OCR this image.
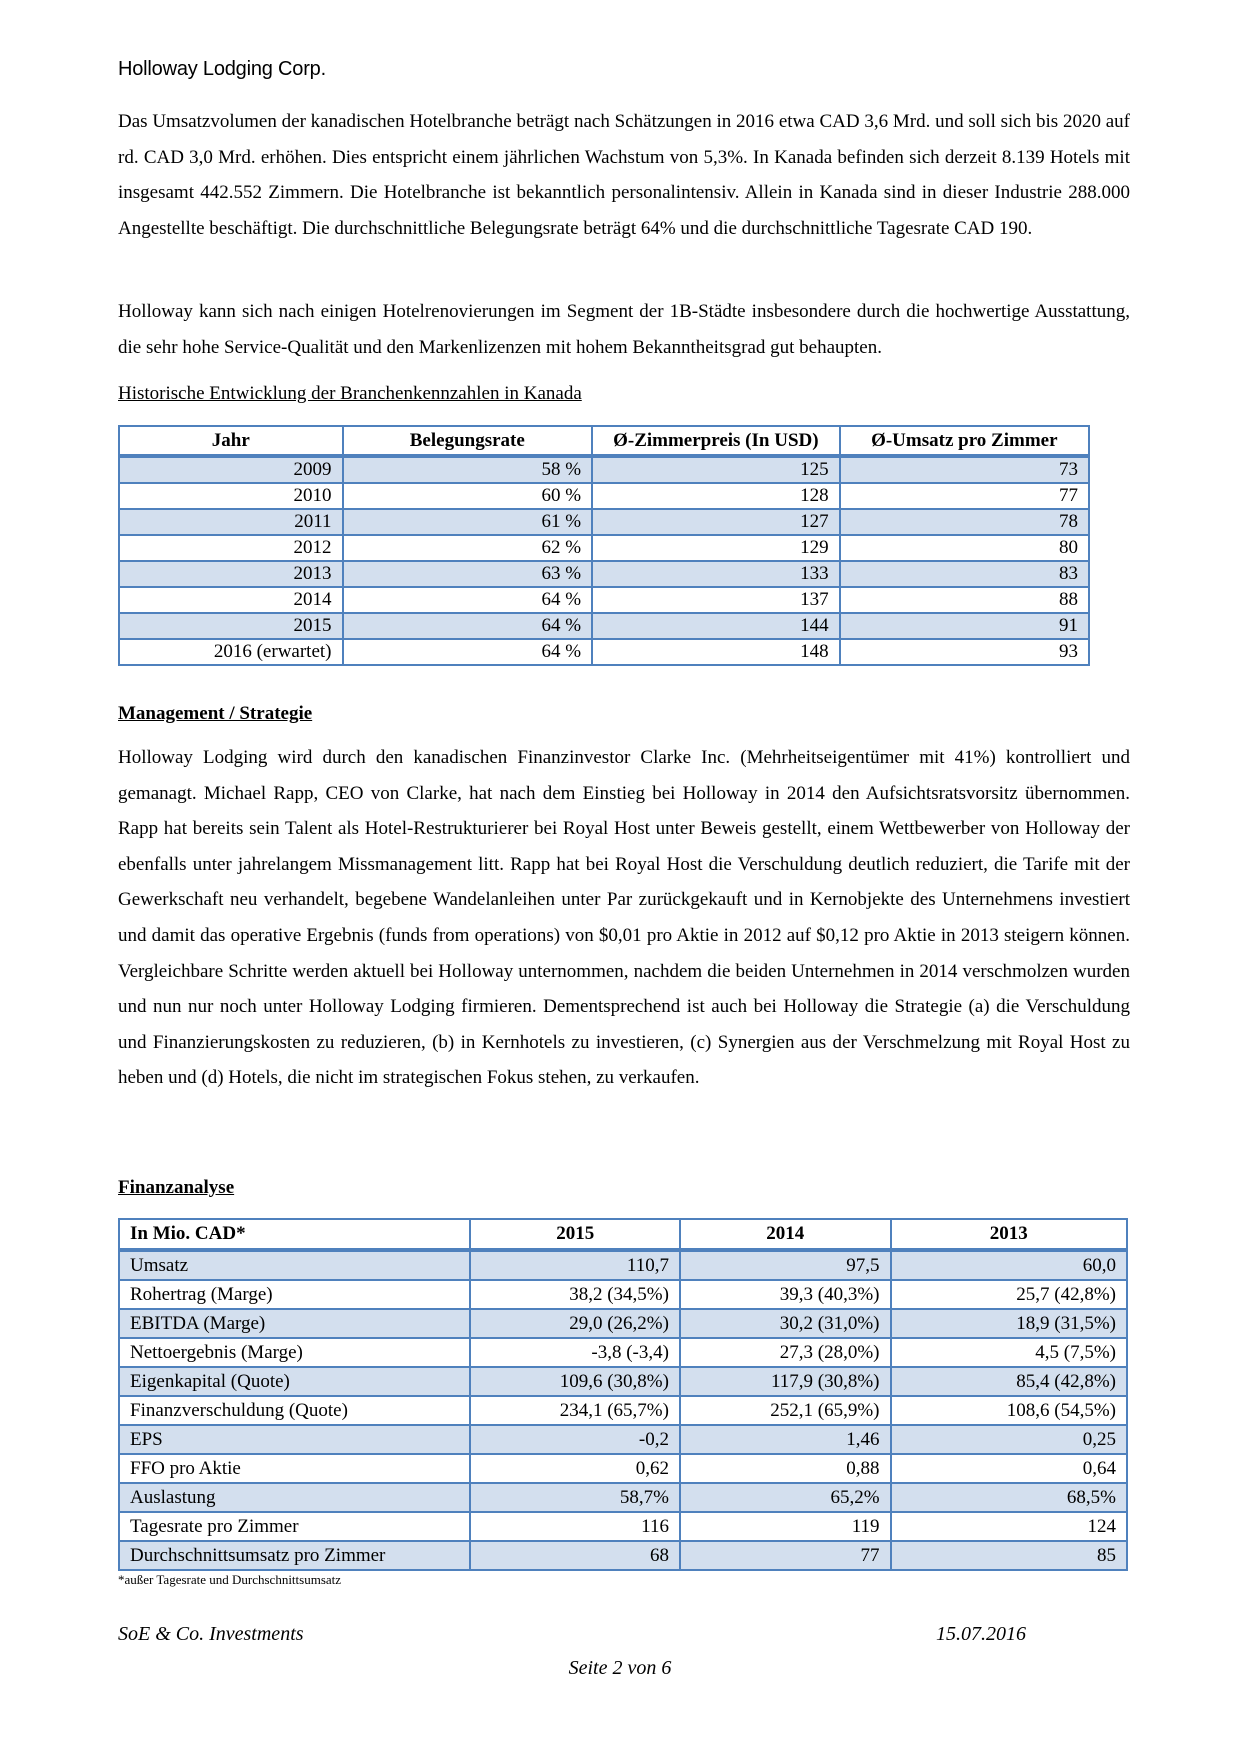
Holloway Lodging Corp.

Das Umsatzvolumen der kanadischen Hotelbranche beträgt nach Schätzungen in 2016 etwa CAD 3,6 Mrd. und soll sich bis 2020 auf rd. CAD 3,0 Mrd. erhöhen. Dies entspricht einem jährlichen Wachstum von 5,3%. In Kanada befinden sich derzeit 8.139 Hotels mit insgesamt 442.552 Zimmern. Die Hotelbranche ist bekanntlich personalintensiv. Allein in Kanada sind in dieser Industrie 288.000 Angestellte beschäftigt. Die durchschnittliche Belegungsrate beträgt 64% und die durchschnittliche Tagesrate CAD 190.

Holloway kann sich nach einigen Hotelrenovierungen im Segment der 1B-Städte insbesondere durch die hochwertige Ausstattung, die sehr hohe Service-Qualität und den Markenlizenzen mit hohem Bekanntheitsgrad gut behaupten.

Historische Entwicklung der Branchenkennzahlen in Kanada

Jahr	Belegungsrate	Ø-Zimmerpreis (In USD)	Ø-Umsatz pro Zimmer
2009	58 %	125	73
2010	60 %	128	77
2011	61 %	127	78
2012	62 %	129	80
2013	63 %	133	83
2014	64 %	137	88
2015	64 %	144	91
2016 (erwartet)	64 %	148	93

Management / Strategie

Holloway Lodging wird durch den kanadischen Finanzinvestor Clarke Inc. (Mehrheitseigentümer mit 41%) kontrolliert und gemanagt. Michael Rapp, CEO von Clarke, hat nach dem Einstieg bei Holloway in 2014 den Aufsichtsratsvorsitz übernommen. Rapp hat bereits sein Talent als Hotel-Restrukturierer bei Royal Host unter Beweis gestellt, einem Wettbewerber von Holloway der ebenfalls unter jahrelangem Missmanagement litt. Rapp hat bei Royal Host die Verschuldung deutlich reduziert, die Tarife mit der Gewerkschaft neu verhandelt, begebene Wandelanleihen unter Par zurückgekauft und in Kernobjekte des Unternehmens investiert und damit das operative Ergebnis (funds from operations) von $0,01 pro Aktie in 2012 auf $0,12 pro Aktie in 2013 steigern können. Vergleichbare Schritte werden aktuell bei Holloway unternommen, nachdem die beiden Unternehmen in 2014 verschmolzen wurden und nun nur noch unter Holloway Lodging firmieren. Dementsprechend ist auch bei Holloway die Strategie (a) die Verschuldung und Finanzierungskosten zu reduzieren, (b) in Kernhotels zu investieren, (c) Synergien aus der Verschmelzung mit Royal Host zu heben und (d) Hotels, die nicht im strategischen Fokus stehen, zu verkaufen.

Finanzanalyse

In Mio. CAD*	2015	2014	2013
Umsatz	110,7	97,5	60,0
Rohertrag (Marge)	38,2 (34,5%)	39,3 (40,3%)	25,7 (42,8%)
EBITDA (Marge)	29,0 (26,2%)	30,2 (31,0%)	18,9 (31,5%)
Nettoergebnis (Marge)	-3,8 (-3,4)	27,3 (28,0%)	4,5 (7,5%)
Eigenkapital (Quote)	109,6 (30,8%)	117,9 (30,8%)	85,4 (42,8%)
Finanzverschuldung (Quote)	234,1 (65,7%)	252,1 (65,9%)	108,6 (54,5%)
EPS	-0,2	1,46	0,25
FFO pro Aktie	0,62	0,88	0,64
Auslastung	58,7%	65,2%	68,5%
Tagesrate pro Zimmer	116	119	124
Durchschnittsumsatz pro Zimmer	68	77	85
*außer Tagesrate und Durchschnittsumsatz
SoE & Co. Investments	15.07.2016
Seite 2 von 6
